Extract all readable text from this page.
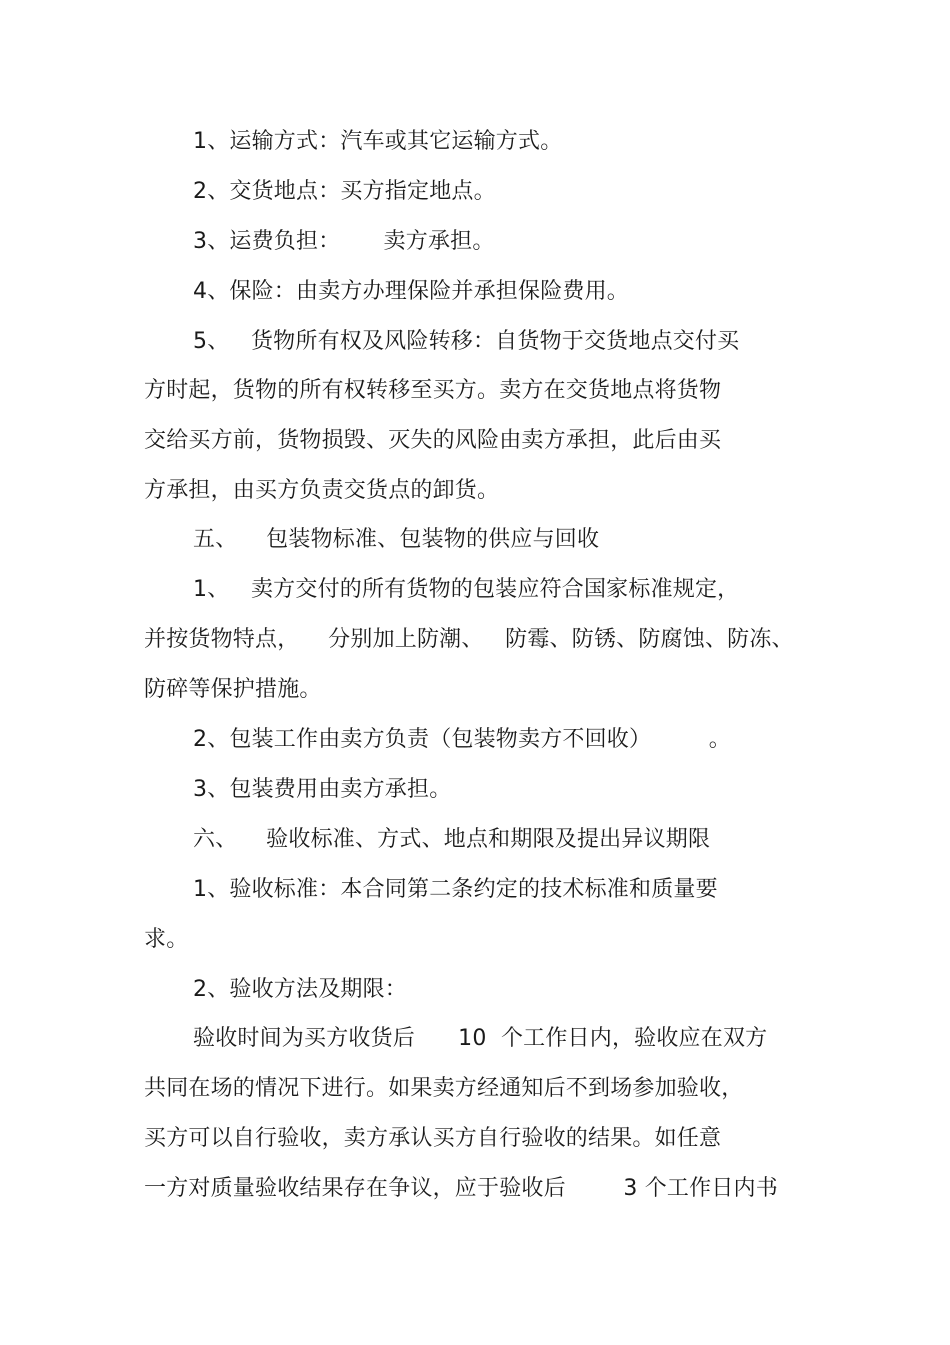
1、运输方式：汽车或其它运输方式。
2、交货地点：买方指定地点。
3、运费负担：      卖方承担。
4、保险：由卖方办理保险并承担保险费用。
5、   货物所有权及风险转移：自货物于交货地点交付买
方时起，货物的所有权转移至买方。卖方在交货地点将货物
交给买方前，货物损毁、灭失的风险由卖方承担，此后由买
方承担，由买方负责交货点的卸货。
五、    包装物标准、包装物的供应与回收
1、   卖方交付的所有货物的包装应符合国家标准规定，
并按货物特点，    分别加上防潮、   防霉、防锈、防腐蚀、防冻、
防碎等保护措施。
2、包装工作由卖方负责（包装物卖方不回收）        。
3、包装费用由卖方承担。
六、    验收标准、方式、地点和期限及提出异议期限
1、验收标准：本合同第二条约定的技术标准和质量要
求。
2、验收方法及期限：
验收时间为买方收货后      10  个工作日内，验收应在双方
共同在场的情况下进行。如果卖方经通知后不到场参加验收，
买方可以自行验收，卖方承认买方自行验收的结果。如任意
一方对质量验收结果存在争议，应于验收后        3 个工作日内书
